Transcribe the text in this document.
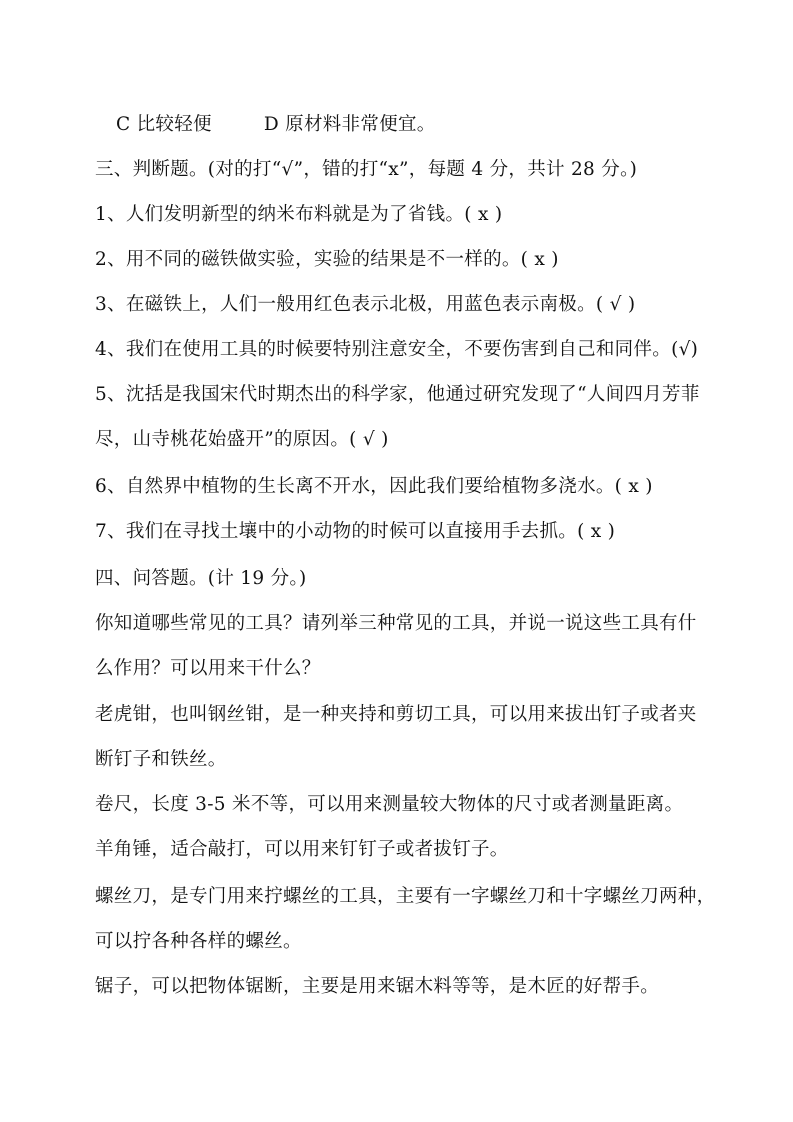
C 比较轻便	D 原材料非常便宜。
三、判断题。(对的打“√”，错的打“x”，每题 4 分，共计 28 分。)
1、人们发明新型的纳米布料就是为了省钱。( x )
2、用不同的磁铁做实验，实验的结果是不一样的。( x )
3、在磁铁上，人们一般用红色表示北极，用蓝色表示南极。( √ )
4、我们在使用工具的时候要特别注意安全，不要伤害到自己和同伴。(√)
5、沈括是我国宋代时期杰出的科学家，他通过研究发现了“人间四月芳菲
尽，山寺桃花始盛开”的原因。( √ )
6、自然界中植物的生长离不开水，因此我们要给植物多浇水。( x )
7、我们在寻找土壤中的小动物的时候可以直接用手去抓。( x )
四、问答题。(计 19 分。)
你知道哪些常见的工具？请列举三种常见的工具，并说一说这些工具有什
么作用？可以用来干什么？
老虎钳，也叫钢丝钳，是一种夹持和剪切工具，可以用来拔出钉子或者夹
断钉子和铁丝。
卷尺，长度 3-5 米不等，可以用来测量较大物体的尺寸或者测量距离。
羊角锤，适合敲打，可以用来钉钉子或者拔钉子。
螺丝刀，是专门用来拧螺丝的工具，主要有一字螺丝刀和十字螺丝刀两种，
可以拧各种各样的螺丝。
锯子，可以把物体锯断，主要是用来锯木料等等，是木匠的好帮手。
